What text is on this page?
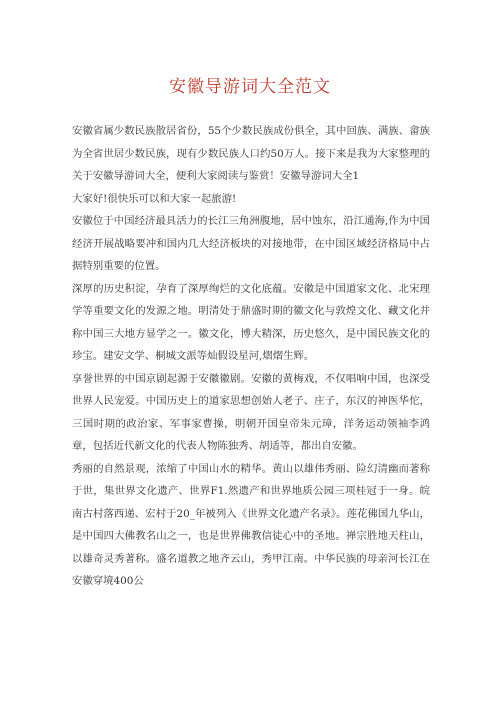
安徽导游词大全范文

安徽省属少数民族散居省份，55个少数民族成份俱全，其中回族、满族、畲族为全省世居少数民族，现有少数民族人口约50万人。接下来是我为大家整理的关于安徽导游词大全，便利大家阅读与鉴赏！安徽导游词大全1

大家好!很快乐可以和大家一起旅游!

安徽位于中国经济最具活力的长江三角洲腹地，居中蚀东，沿江通海,作为中国经济开展战略要冲和国内几大经济板块的对接地带，在中国区域经济格局中占据特别重要的位置。

深厚的历史积淀，孕育了深厚绚烂的文化底蕴。安徽是中国道家文化、北宋理学等重要文化的发源之地。明清处于鼎盛时期的徽文化与敦煌文化、藏文化并称中国三大地方显学之一。徽文化，博大精深，历史悠久，是中国民族文化的珍宝。建安文学、桐城文派等灿假设星河,熠熠生辉。

享誉世界的中国京剧起源于安徽徽剧。安徽的黄梅戏，不仅唱响中国，也深受世界人民宠爱。中国历史上的道家思想创始人老子、庄子，东汉的神医华佗，三国时期的政治家、军事家曹操，明朝开国皇帝朱元璋，洋务运动领袖李鸿章，包括近代新文化的代表人物陈独秀、胡适等，都出自安徽。

秀丽的自然景观，浓缩了中国山水的精华。黄山以雄伟秀丽、险幻清幽而著称于世，集世界文化遗产、世界F1.然遗产和世界地质公园三项桂冠于一身。皖南古村落西递、宏村于20_年被列入《世界文化遗产名录》。莲花佛国九华山，是中国四大佛教名山之一，也是世界佛教信徒心中的圣地。禅宗胜地天柱山，以雄奇灵秀著称。盛名道教之地齐云山，秀甲江南。中华民族的母亲河长江在安徽穿境400公
